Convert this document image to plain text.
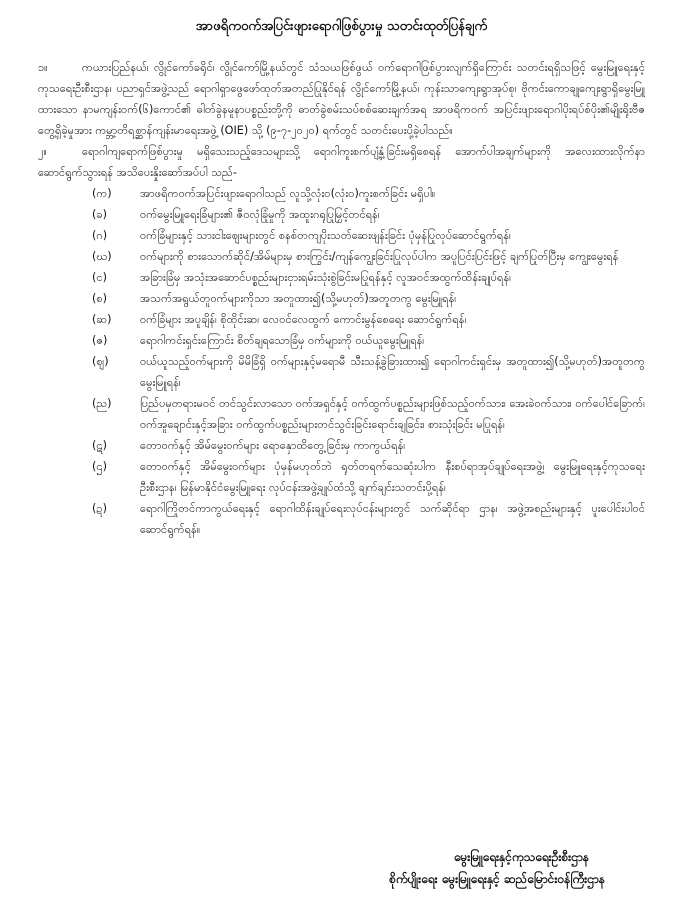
အာဖရိကဝက်အပြင်းဖျားရောဂါဖြစ်ပွားမှု သတင်းထုတ်ပြန်ချက်

၁။	ကယားပြည်နယ်၊ လွိုင်ကော်ခရိုင်၊ လွိုင်ကော်မြို့နယ်တွင် သံသယဖြစ်ဖွယ် ဝက်ရောဂါဖြစ်ပွားလျက်ရှိကြောင်း သတင်းရရှိသဖြင့် မွေးမြူရေးနှင့်ကုသရေးဦးစီးဌာန၊ ပညာရှင်အဖွဲ့သည် ရောဂါရှာဖွေဖော်ထုတ်အတည်ပြုနိုင်ရန် လွိုင်ကော်မြို့နယ်၊ ကုန်းသာကျေးရွာအုပ်စု၊ ဗိုကင်းကောချုကျေးရွာရှိမွေးမြူထားသော နာမကျန်းဝက်(၆)ကောင်၏ ဓါတ်ခွဲနမူနာပစ္စည်းတို့ကို ဓာတ်ခွဲစမ်းသပ်စစ်ဆေးချက်အရ အာဖရိကဝက် အပြင်းဖျားရောဂါပိုးရပ်စ်ပိုး၏မျိုးရိုးဗီဇတွေ့ရှိခဲ့မှုအား ကမ္ဘာ့တိရစ္ဆာန်ကျန်းမာရေးအဖွဲ့ (OIE) သို့ (၉-၇-၂၀၂၀) ရက်တွင် သတင်းပေးပို့ခဲ့ပါသည်။

၂။	ရောဂါကျရောက်ဖြစ်ပွားမှု မရှိသေးသည့်ဒေသများသို့ ရောဂါကူးစက်ပျံ့နှံ့ခြင်းမရှိစေရန် အောက်ပါအချက်များကို အလေးထားလိုက်နာဆောင်ရွက်သွားရန် အသိပေးနှိုးဆော်အပ်ပါ သည်-

(က)	အာဖရိကဝက်အပြင်းဖျားရောဂါသည် လူသို့လုံးဝ(လုံး၀)ကူးစက်ခြင်း မရှိပါ။
(ခ)	ဝက်မွေးမြူရေးခြံများ၏ ဇီဝလုံခြုံမှုကို အထူးဂရုပြုမြှင့်တင်ရန်၊
(ဂ)	ဝက်ခြံများနှင့် သားငါးဈေးများတွင် စနစ်တကျပိုးသတ်ဆေးဖျန်းခြင်း ပုံမှန်ပြုလုပ်ဆောင်ရွက်ရန်၊
(ဃ)	ဝက်များကို စားသောက်ဆိုင်/အိမ်များမှ စားကြွင်း/ကျန်ကျွေးခြင်းပြုလုပ်ပါက အပူပြင်းပြင်းဖြင့် ချက်ပြုတ်ပြီးမှ ကျွေးမွေးရန်
(င)	အခြားခြံမှ အသုံးအဆောင်ပစ္စည်းများငှားရမ်းသုံးစွဲခြင်းမပြုရန်နှင့် လူအဝင်အထွက်ထိန်းချုပ်ရန်၊
(စ)	အသက်အရွယ်တူဝက်များကိုသာ အတူထား၍(သို့မဟုတ်)အတူတကွ မွေးမြူရန်၊
(ဆ)	ဝက်ခြံများ အပူချိန်၊ စိုထိုင်းဆ၊ လေဝင်လေထွက် ကောင်းမွန်စေရေး ဆောင်ရွက်ရန်၊
(ဇ)	ရောဂါကင်းရှင်းကြောင်း စိတ်ချရသောခြံမှ ဝက်များကို ဝယ်ယူမွေးမြူရန်၊
(ဈ)	ဝယ်ယူသည့်ဝက်များကို မိမိခြံရှိ ဝက်များနှင့်မရောမီ သီးသန့်ခွဲခြားထား၍ ရောဂါကင်းရှင်းမှ အတူထား၍(သို့မဟုတ်)အတူတကွ မွေးမြူရန်၊
(ည)	ပြည်ပမှတရားမဝင် တင်သွင်းလာသော ဝက်အရှင်နှင့် ဝက်ထွက်ပစ္စည်းများဖြစ်သည့်ဝက်သား၊ အေးခဲဝက်သား၊ ဝက်ပေါင်ခြောက်၊ ဝက်အူချောင်းနှင့်အခြား ဝက်ထွက်ပစ္စည်းများတင်သွင်းခြင်းရောင်းချခြင်း၊ စားသုံးခြင်း မပြုရန်၊
(ဋ)	တောဝက်နှင့် အိမ်မွေးဝက်များ ရောနှောထိတွေ့ခြင်းမှ ကာကွယ်ရန်၊
(ဌ)	တောဝက်နှင့် အိမ်မွေးဝက်များ ပုံမှန်မဟုတ်ဘဲ ရုတ်တရက်သေဆုံးပါက နီးစပ်ရာအုပ်ချုပ်ရေးအဖွဲ့၊ မွေးမြူရေးနှင့်ကုသရေးဦးစီးဌာန၊ မြန်မာနိုင်ငံမွေးမြူရေး လုပ်ငန်းအဖွဲ့ချုပ်ထံသို့ ချက်ချင်းသတင်းပို့ရန်၊
(ဍ)	ရောဂါကြိုတင်ကာကွယ်ရေးနှင့် ရောဂါထိန်းချုပ်ရေးလုပ်ငန်းများတွင် သက်ဆိုင်ရာ ဌာန၊ အဖွဲ့အစည်းများနှင့် ပူးပေါင်းပါဝင်ဆောင်ရွက်ရန်။
မွေးမြူရေးနှင့်ကုသရေးဦးစီးဌာန
စိုက်ပျိုးရေး မွေးမြူရေးနှင့် ဆည်မြောင်းဝန်ကြီးဌာန
